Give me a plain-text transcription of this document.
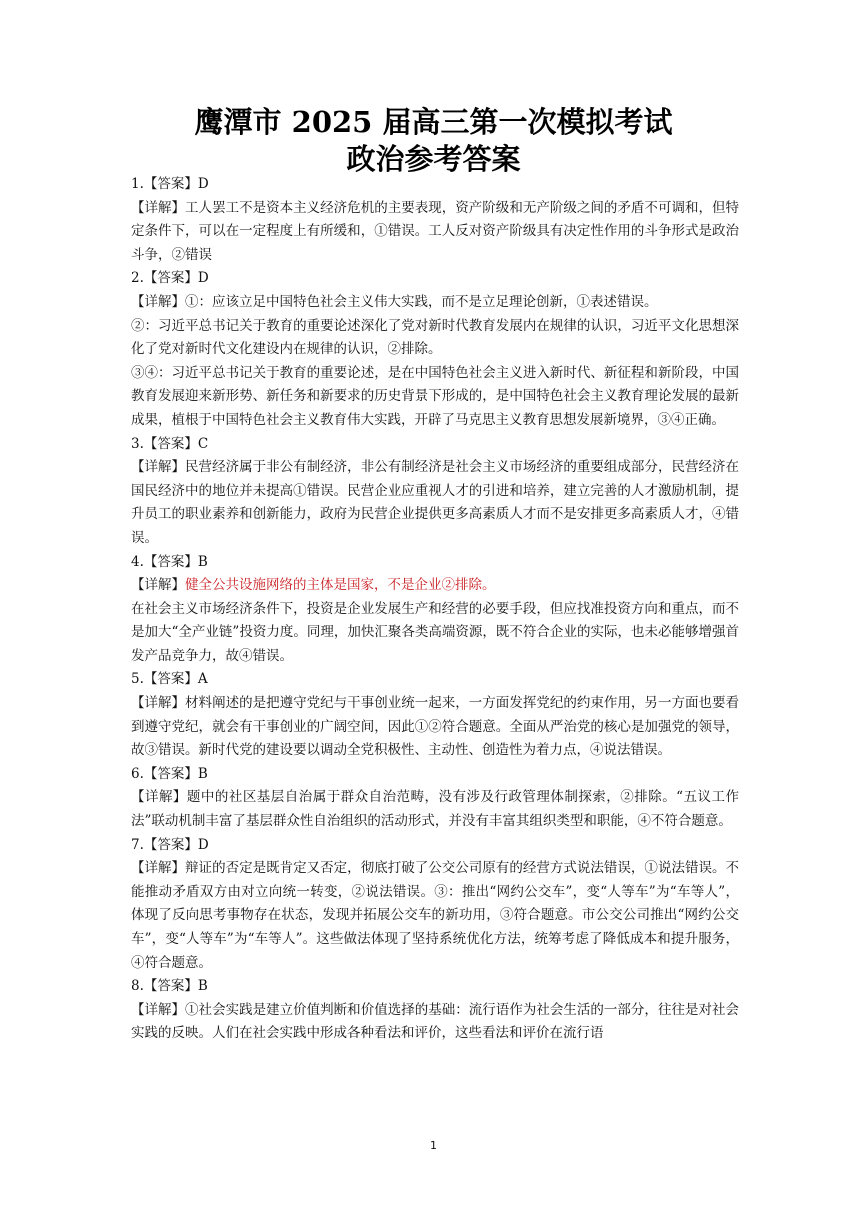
鹰潭市 2025 届高三第一次模拟考试
政治参考答案

1.【答案】D

【详解】工人罢工不是资本主义经济危机的主要表现，资产阶级和无产阶级之间的矛盾不可调和，但特定条件下，可以在一定程度上有所缓和，①错误。工人反对资产阶级具有决定性作用的斗争形式是政治斗争，②错误

2.【答案】D

【详解】①：应该立足中国特色社会主义伟大实践，而不是立足理论创新，①表述错误。

②：习近平总书记关于教育的重要论述深化了党对新时代教育发展内在规律的认识，习近平文化思想深化了党对新时代文化建设内在规律的认识，②排除。

③④：习近平总书记关于教育的重要论述，是在中国特色社会主义进入新时代、新征程和新阶段，中国教育发展迎来新形势、新任务和新要求的历史背景下形成的，是中国特色社会主义教育理论发展的最新成果，植根于中国特色社会主义教育伟大实践，开辟了马克思主义教育思想发展新境界，③④正确。

3.【答案】C

【详解】民营经济属于非公有制经济，非公有制经济是社会主义市场经济的重要组成部分，民营经济在国民经济中的地位并未提高①错误。民营企业应重视人才的引进和培养，建立完善的人才激励机制，提升员工的职业素养和创新能力，政府为民营企业提供更多高素质人才而不是安排更多高素质人才，④错误。

4.【答案】B

【详解】健全公共设施网络的主体是国家，不是企业②排除。

在社会主义市场经济条件下，投资是企业发展生产和经营的必要手段，但应找准投资方向和重点，而不是加大“全产业链”投资力度。同理，加快汇聚各类高端资源，既不符合企业的实际，也未必能够增强首发产品竞争力，故④错误。

5.【答案】A

【详解】材料阐述的是把遵守党纪与干事创业统一起来，一方面发挥党纪的约束作用，另一方面也要看到遵守党纪，就会有干事创业的广阔空间，因此①②符合题意。全面从严治党的核心是加强党的领导，故③错误。新时代党的建设要以调动全党积极性、主动性、创造性为着力点，④说法错误。

6.【答案】B

【详解】题中的社区基层自治属于群众自治范畴，没有涉及行政管理体制探索，②排除。“五议工作法”联动机制丰富了基层群众性自治组织的活动形式，并没有丰富其组织类型和职能，④不符合题意。

7.【答案】D

【详解】辩证的否定是既肯定又否定，彻底打破了公交公司原有的经营方式说法错误，①说法错误。不能推动矛盾双方由对立向统一转变，②说法错误。③：推出“网约公交车”，变“人等车”为“车等人”，体现了反向思考事物存在状态，发现并拓展公交车的新功用，③符合题意。市公交公司推出“网约公交车”，变“人等车”为“车等人”。这些做法体现了坚持系统优化方法，统筹考虑了降低成本和提升服务，④符合题意。

8.【答案】B

【详解】①社会实践是建立价值判断和价值选择的基础：流行语作为社会生活的一部分，往往是对社会实践的反映。人们在社会实践中形成各种看法和评价，这些看法和评价在流行语

1
